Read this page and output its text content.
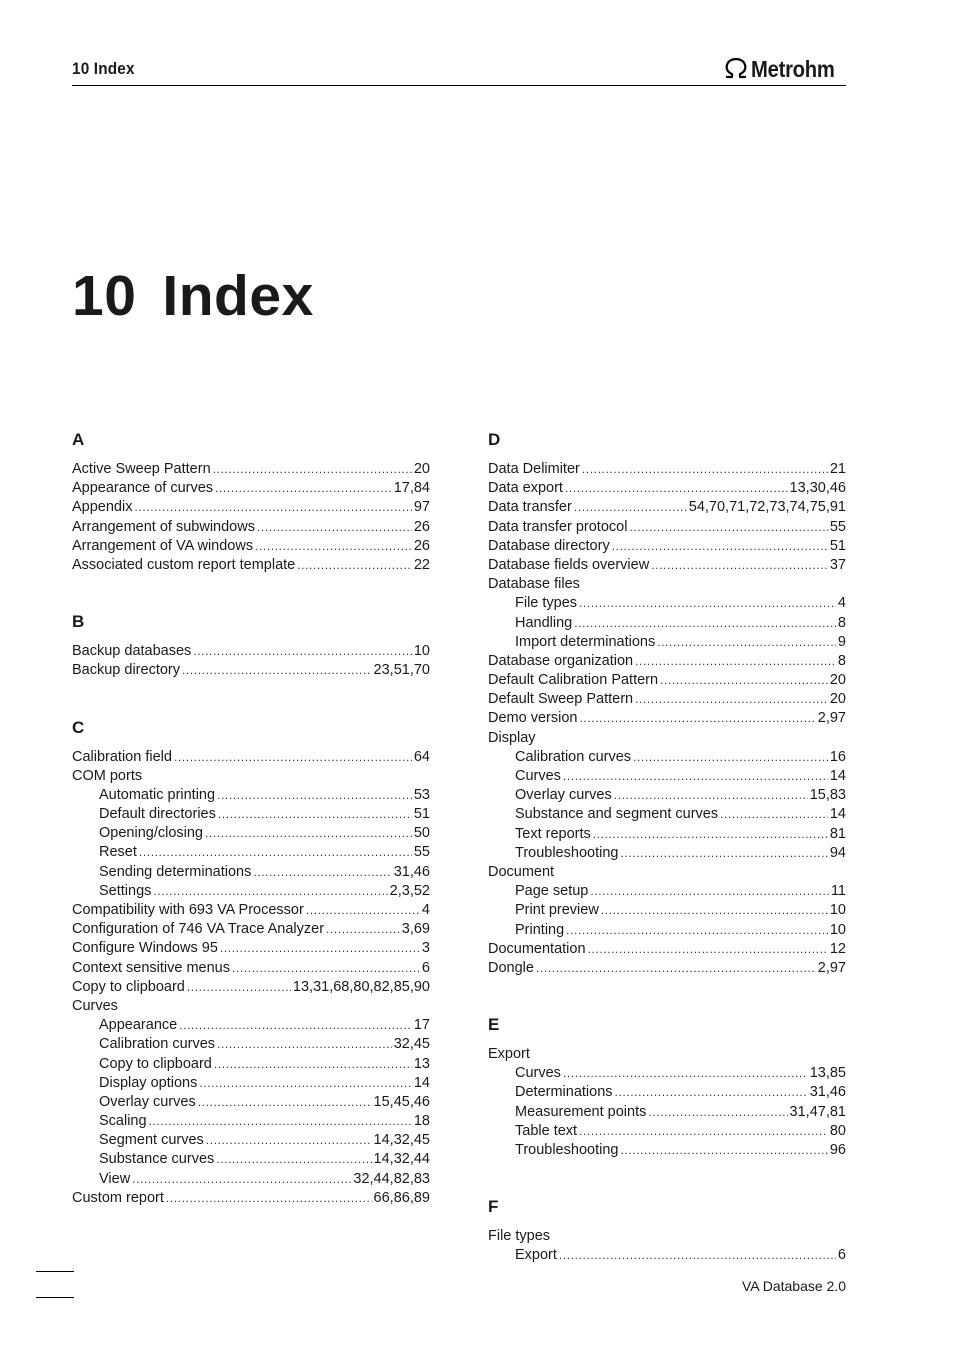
10 Index	Metrohm
10 Index
A
Active Sweep Pattern .....	20
Appearance of curves .....	17,84
Appendix .....	97
Arrangement of subwindows .....	26
Arrangement of VA windows .....	26
Associated custom report template .....	22
B
Backup databases .....	10
Backup directory .....	23,51,70
C
Calibration field .....	64
COM ports
Automatic printing .....	53
Default directories .....	51
Opening/closing .....	50
Reset .....	55
Sending determinations .....	31,46
Settings .....	2,3,52
Compatibility with 693 VA Processor .....	4
Configuration of 746 VA Trace Analyzer .....	3,69
Configure Windows 95 .....	3
Context sensitive menus .....	6
Copy to clipboard .....	13,31,68,80,82,85,90
Curves
Appearance .....	17
Calibration curves .....	32,45
Copy to clipboard .....	13
Display options .....	14
Overlay curves .....	15,45,46
Scaling .....	18
Segment curves .....	14,32,45
Substance curves .....	14,32,44
View .....	32,44,82,83
Custom report .....	66,86,89
D
Data Delimiter .....	21
Data export .....	13,30,46
Data transfer .....	54,70,71,72,73,74,75,91
Data transfer protocol .....	55
Database directory .....	51
Database fields overview .....	37
Database files
File types .....	4
Handling .....	8
Import determinations .....	9
Database organization .....	8
Default Calibration Pattern .....	20
Default Sweep Pattern .....	20
Demo version .....	2,97
Display
Calibration curves .....	16
Curves .....	14
Overlay curves .....	15,83
Substance and segment curves .....	14
Text reports .....	81
Troubleshooting .....	94
Document
Page setup .....	11
Print preview .....	10
Printing .....	10
Documentation .....	12
Dongle .....	2,97
E
Export
Curves .....	13,85
Determinations .....	31,46
Measurement points .....	31,47,81
Table text .....	80
Troubleshooting .....	96
F
File types
Export .....	6
VA Database 2.0
